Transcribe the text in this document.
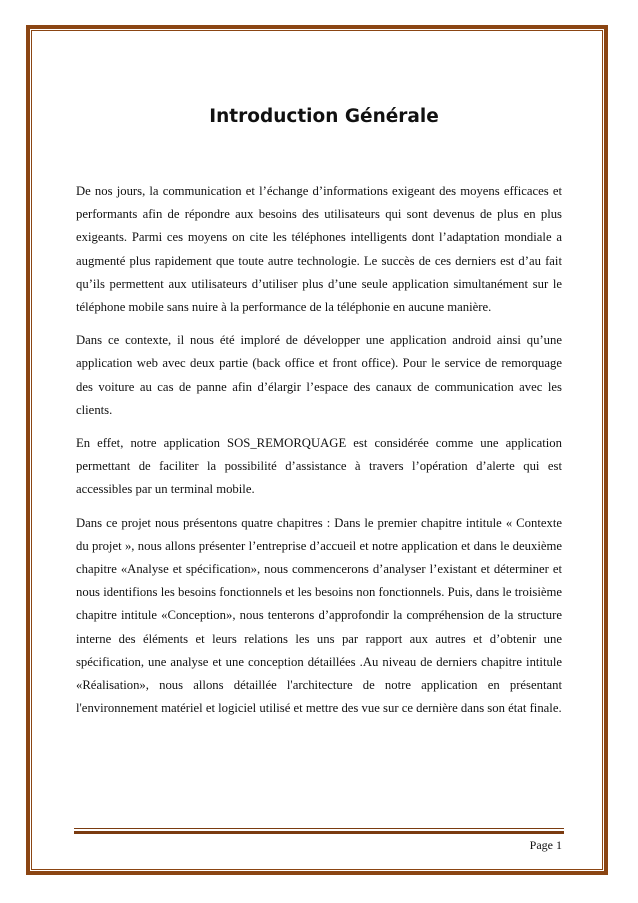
Introduction Générale

De nos jours, la communication et l’échange d’informations exigeant des moyens efficaces et performants afin de répondre aux besoins des utilisateurs qui sont devenus de plus en plus exigeants. Parmi ces moyens on cite les téléphones intelligents dont l’adaptation mondiale a augmenté plus rapidement que toute autre technologie. Le succès de ces derniers est d’au fait qu’ils permettent aux utilisateurs d’utiliser plus d’une seule application simultanément sur le téléphone mobile sans nuire à la performance de la téléphonie en aucune manière.

Dans ce contexte, il nous été imploré de développer une application android ainsi qu’une application web avec deux partie (back office et front office). Pour le service de remorquage des voiture au cas de panne afin d’élargir l’espace des canaux de communication avec les clients.

En effet, notre application SOS_REMORQUAGE est considérée comme une application permettant de faciliter la possibilité d’assistance à travers l’opération d’alerte qui est accessibles par un terminal mobile.

Dans ce projet nous présentons quatre chapitres : Dans le premier chapitre intitule « Contexte du projet », nous allons présenter l’entreprise d’accueil et notre application et dans le deuxième chapitre «Analyse et spécification», nous commencerons d’analyser l’existant et déterminer et nous identifions les besoins fonctionnels et les besoins non fonctionnels. Puis, dans le troisième chapitre intitule «Conception», nous tenterons d’approfondir la compréhension de la structure interne des éléments et leurs relations les uns par rapport aux autres et d’obtenir une spécification, une analyse et une conception détaillées .Au niveau de derniers chapitre intitule «Réalisation», nous allons détaillée l'architecture de notre application en présentant l'environnement matériel et logiciel utilisé et mettre des vue sur ce dernière dans son état finale.

Page 1
